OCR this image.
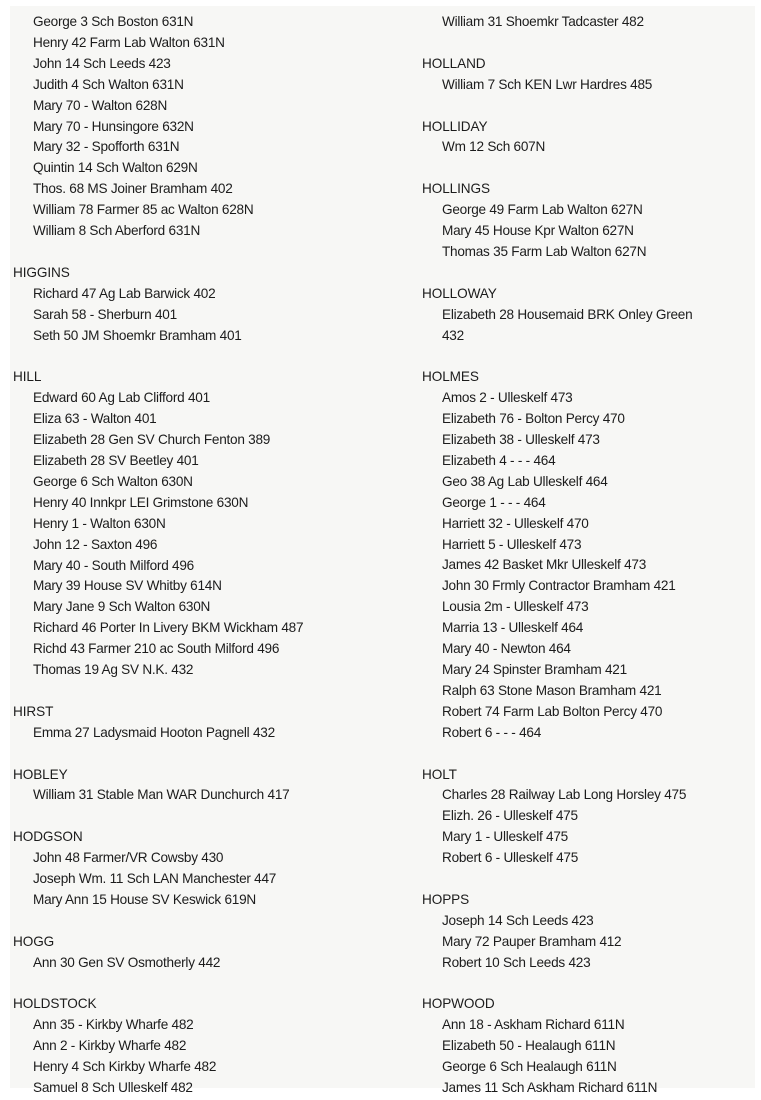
George 3 Sch Boston 631N
Henry 42 Farm Lab Walton 631N
John 14 Sch Leeds 423
Judith 4 Sch Walton 631N
Mary 70 - Walton 628N
Mary 70 - Hunsingore 632N
Mary 32 - Spofforth 631N
Quintin 14 Sch Walton 629N
Thos. 68 MS Joiner Bramham 402
William 78 Farmer 85 ac Walton 628N
William 8 Sch Aberford 631N
HIGGINS
Richard 47 Ag Lab Barwick 402
Sarah 58 - Sherburn 401
Seth 50 JM Shoemkr Bramham 401
HILL
Edward 60 Ag Lab Clifford 401
Eliza 63 - Walton 401
Elizabeth 28 Gen SV Church Fenton 389
Elizabeth 28 SV Beetley 401
George 6 Sch Walton 630N
Henry 40 Innkpr LEI Grimstone 630N
Henry 1 - Walton 630N
John 12 - Saxton 496
Mary 40 - South Milford 496
Mary 39 House SV Whitby 614N
Mary Jane 9 Sch Walton 630N
Richard 46 Porter In Livery BKM Wickham 487
Richd 43 Farmer 210 ac South Milford 496
Thomas 19 Ag SV N.K. 432
HIRST
Emma 27 Ladysmaid Hooton Pagnell 432
HOBLEY
William 31 Stable Man WAR Dunchurch 417
HODGSON
John 48 Farmer/VR Cowsby 430
Joseph Wm. 11 Sch LAN Manchester 447
Mary Ann 15 House SV Keswick 619N
HOGG
Ann 30 Gen SV Osmotherly 442
HOLDSTOCK
Ann 35 - Kirkby Wharfe 482
Ann 2 - Kirkby Wharfe 482
Henry 4 Sch Kirkby Wharfe 482
Samuel 8 Sch Ulleskelf 482
William 31 Shoemkr Tadcaster 482
HOLLAND
William 7 Sch KEN Lwr Hardres 485
HOLLIDAY
Wm 12 Sch 607N
HOLLINGS
George 49 Farm Lab Walton 627N
Mary 45 House Kpr Walton 627N
Thomas 35 Farm Lab Walton 627N
HOLLOWAY
Elizabeth 28 Housemaid BRK Onley Green
432
HOLMES
Amos 2 - Ulleskelf 473
Elizabeth 76 - Bolton Percy 470
Elizabeth 38 - Ulleskelf 473
Elizabeth 4 - - - 464
Geo 38 Ag Lab Ulleskelf 464
George 1 - - - 464
Harriett 32 - Ulleskelf 470
Harriett 5 - Ulleskelf 473
James 42 Basket Mkr Ulleskelf 473
John 30 Frmly Contractor Bramham 421
Lousia 2m - Ulleskelf 473
Marria 13 - Ulleskelf 464
Mary 40 - Newton 464
Mary 24 Spinster Bramham 421
Ralph 63 Stone Mason Bramham 421
Robert 74 Farm Lab Bolton Percy 470
Robert 6 - - - 464
HOLT
Charles 28 Railway Lab Long Horsley 475
Elizh. 26 - Ulleskelf 475
Mary 1 - Ulleskelf 475
Robert 6 - Ulleskelf 475
HOPPS
Joseph 14 Sch Leeds 423
Mary 72 Pauper Bramham 412
Robert 10 Sch Leeds 423
HOPWOOD
Ann 18 - Askham Richard 611N
Elizabeth 50 - Healaugh 611N
George 6 Sch Healaugh 611N
James 11 Sch Askham Richard 611N
